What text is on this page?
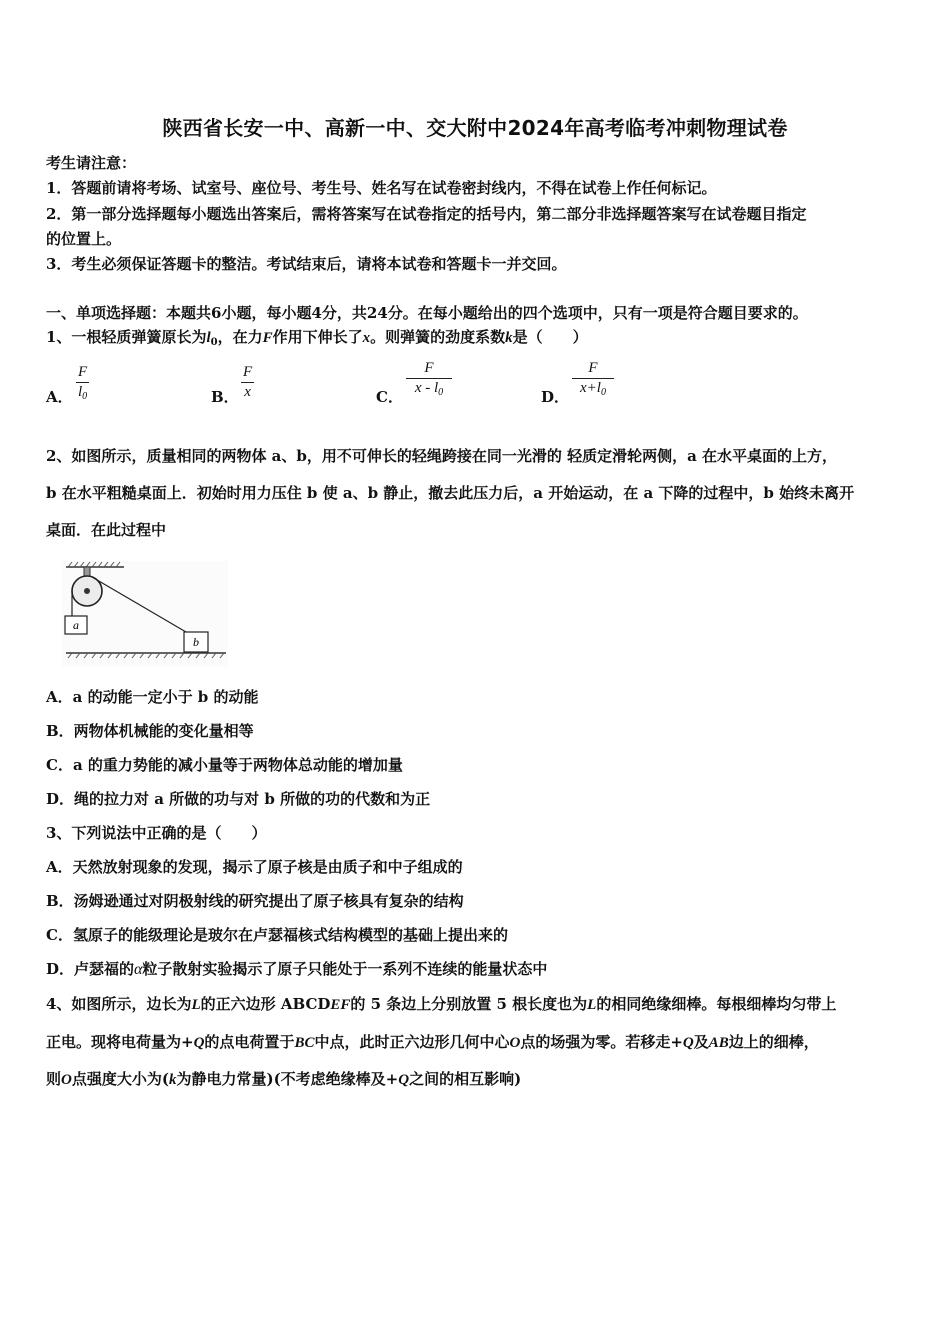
陕西省长安一中、高新一中、交大附中2024年高考临考冲刺物理试卷
考生请注意：
1．答题前请将考场、试室号、座位号、考生号、姓名写在试卷密封线内，不得在试卷上作任何标记。
2．第一部分选择题每小题选出答案后，需将答案写在试卷指定的括号内，第二部分非选择题答案写在试卷题目指定
的位置上。
3．考生必须保证答题卡的整洁。考试结束后，请将本试卷和答题卡一并交回。
一、单项选择题：本题共6小题，每小题4分，共24分。在每小题给出的四个选项中，只有一项是符合题目要求的。
1、一根轻质弹簧原长为$l_0$，在力F作用下伸长了x。则弹簧的劲度系数k是（　　）
A． $\frac{F}{l_0}$	B． $\frac{F}{x}$	C． $\frac{F}{x - l_0}$	D． $\frac{F}{x+l_0}$
2、如图所示，质量相同的两物体 a、b，用不可伸长的轻绳跨接在同一光滑的 轻质定滑轮两侧，a 在水平桌面的上方，
b 在水平粗糙桌面上．初始时用力压住 b 使 a、b 静止，撤去此压力后，a 开始运动，在 a 下降的过程中，b 始终未离开
桌面．在此过程中
a
b
A．a 的动能一定小于 b 的动能
B．两物体机械能的变化量相等
C．a 的重力势能的减小量等于两物体总动能的增加量
D．绳的拉力对 a 所做的功与对 b 所做的功的代数和为正
3、下列说法中正确的是（　　）
A．天然放射现象的发现，揭示了原子核是由质子和中子组成的
B．汤姆逊通过对阴极射线的研究提出了原子核具有复杂的结构
C．氢原子的能级理论是玻尔在卢瑟福核式结构模型的基础上提出来的
D．卢瑟福的α粒子散射实验揭示了原子只能处于一系列不连续的能量状态中
4、如图所示，边长为L的正六边形 ABCDEF的 5 条边上分别放置 5 根长度也为L的相同绝缘细棒。每根细棒均匀带上
正电。现将电荷量为+Q的点电荷置于BC中点，此时正六边形几何中心O点的场强为零。若移走+Q及AB边上的细棒，
则O点强度大小为(k为静电力常量)(不考虑绝缘棒及+Q之间的相互影响)
